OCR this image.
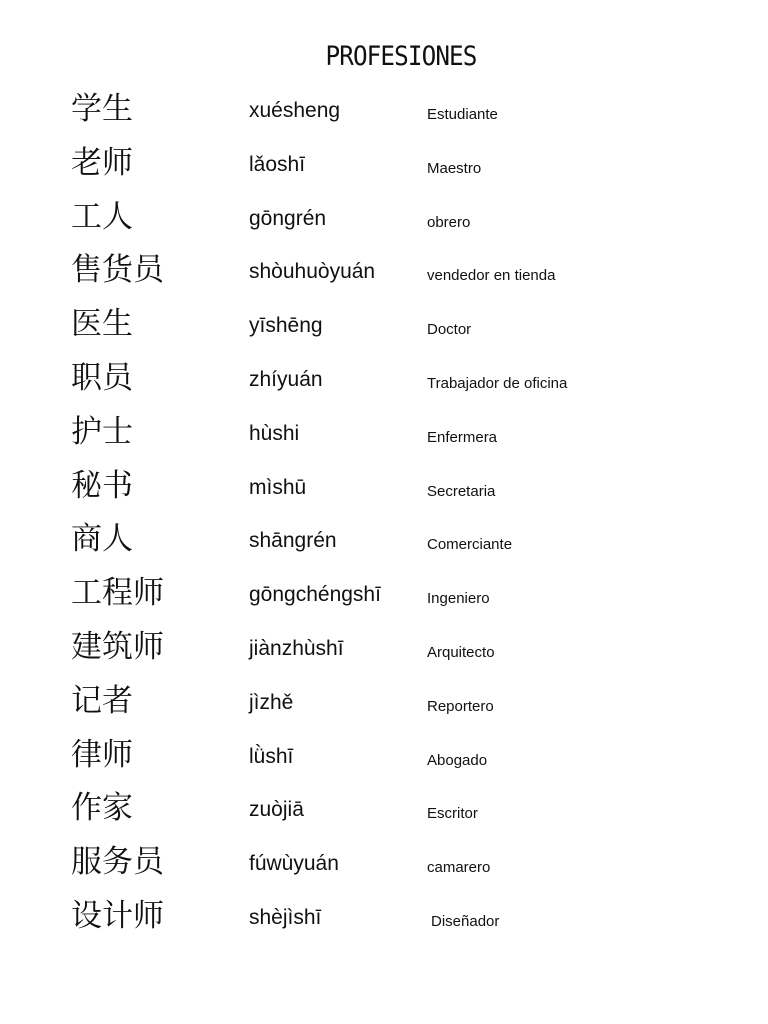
PROFESIONES
学生	xuésheng	Estudiante
老师	lǎoshī	Maestro
工人	gōngrén	obrero
售货员	shòuhuòyuán	vendedor en tienda
医生	yīshēng	Doctor
职员	zhíyuán	Trabajador de oficina
护士	hùshi	Enfermera
秘书	mìshū	Secretaria
商人	shāngrén	Comerciante
工程师	gōngchéngshī	Ingeniero
建筑师	jiànzhùshī	Arquitecto
记者	jìzhě	Reportero
律师	lǜshī	Abogado
作家	zuòjiā	Escritor
服务员	fúwùyuán	camarero
设计师	shèjìshī	Diseñador
